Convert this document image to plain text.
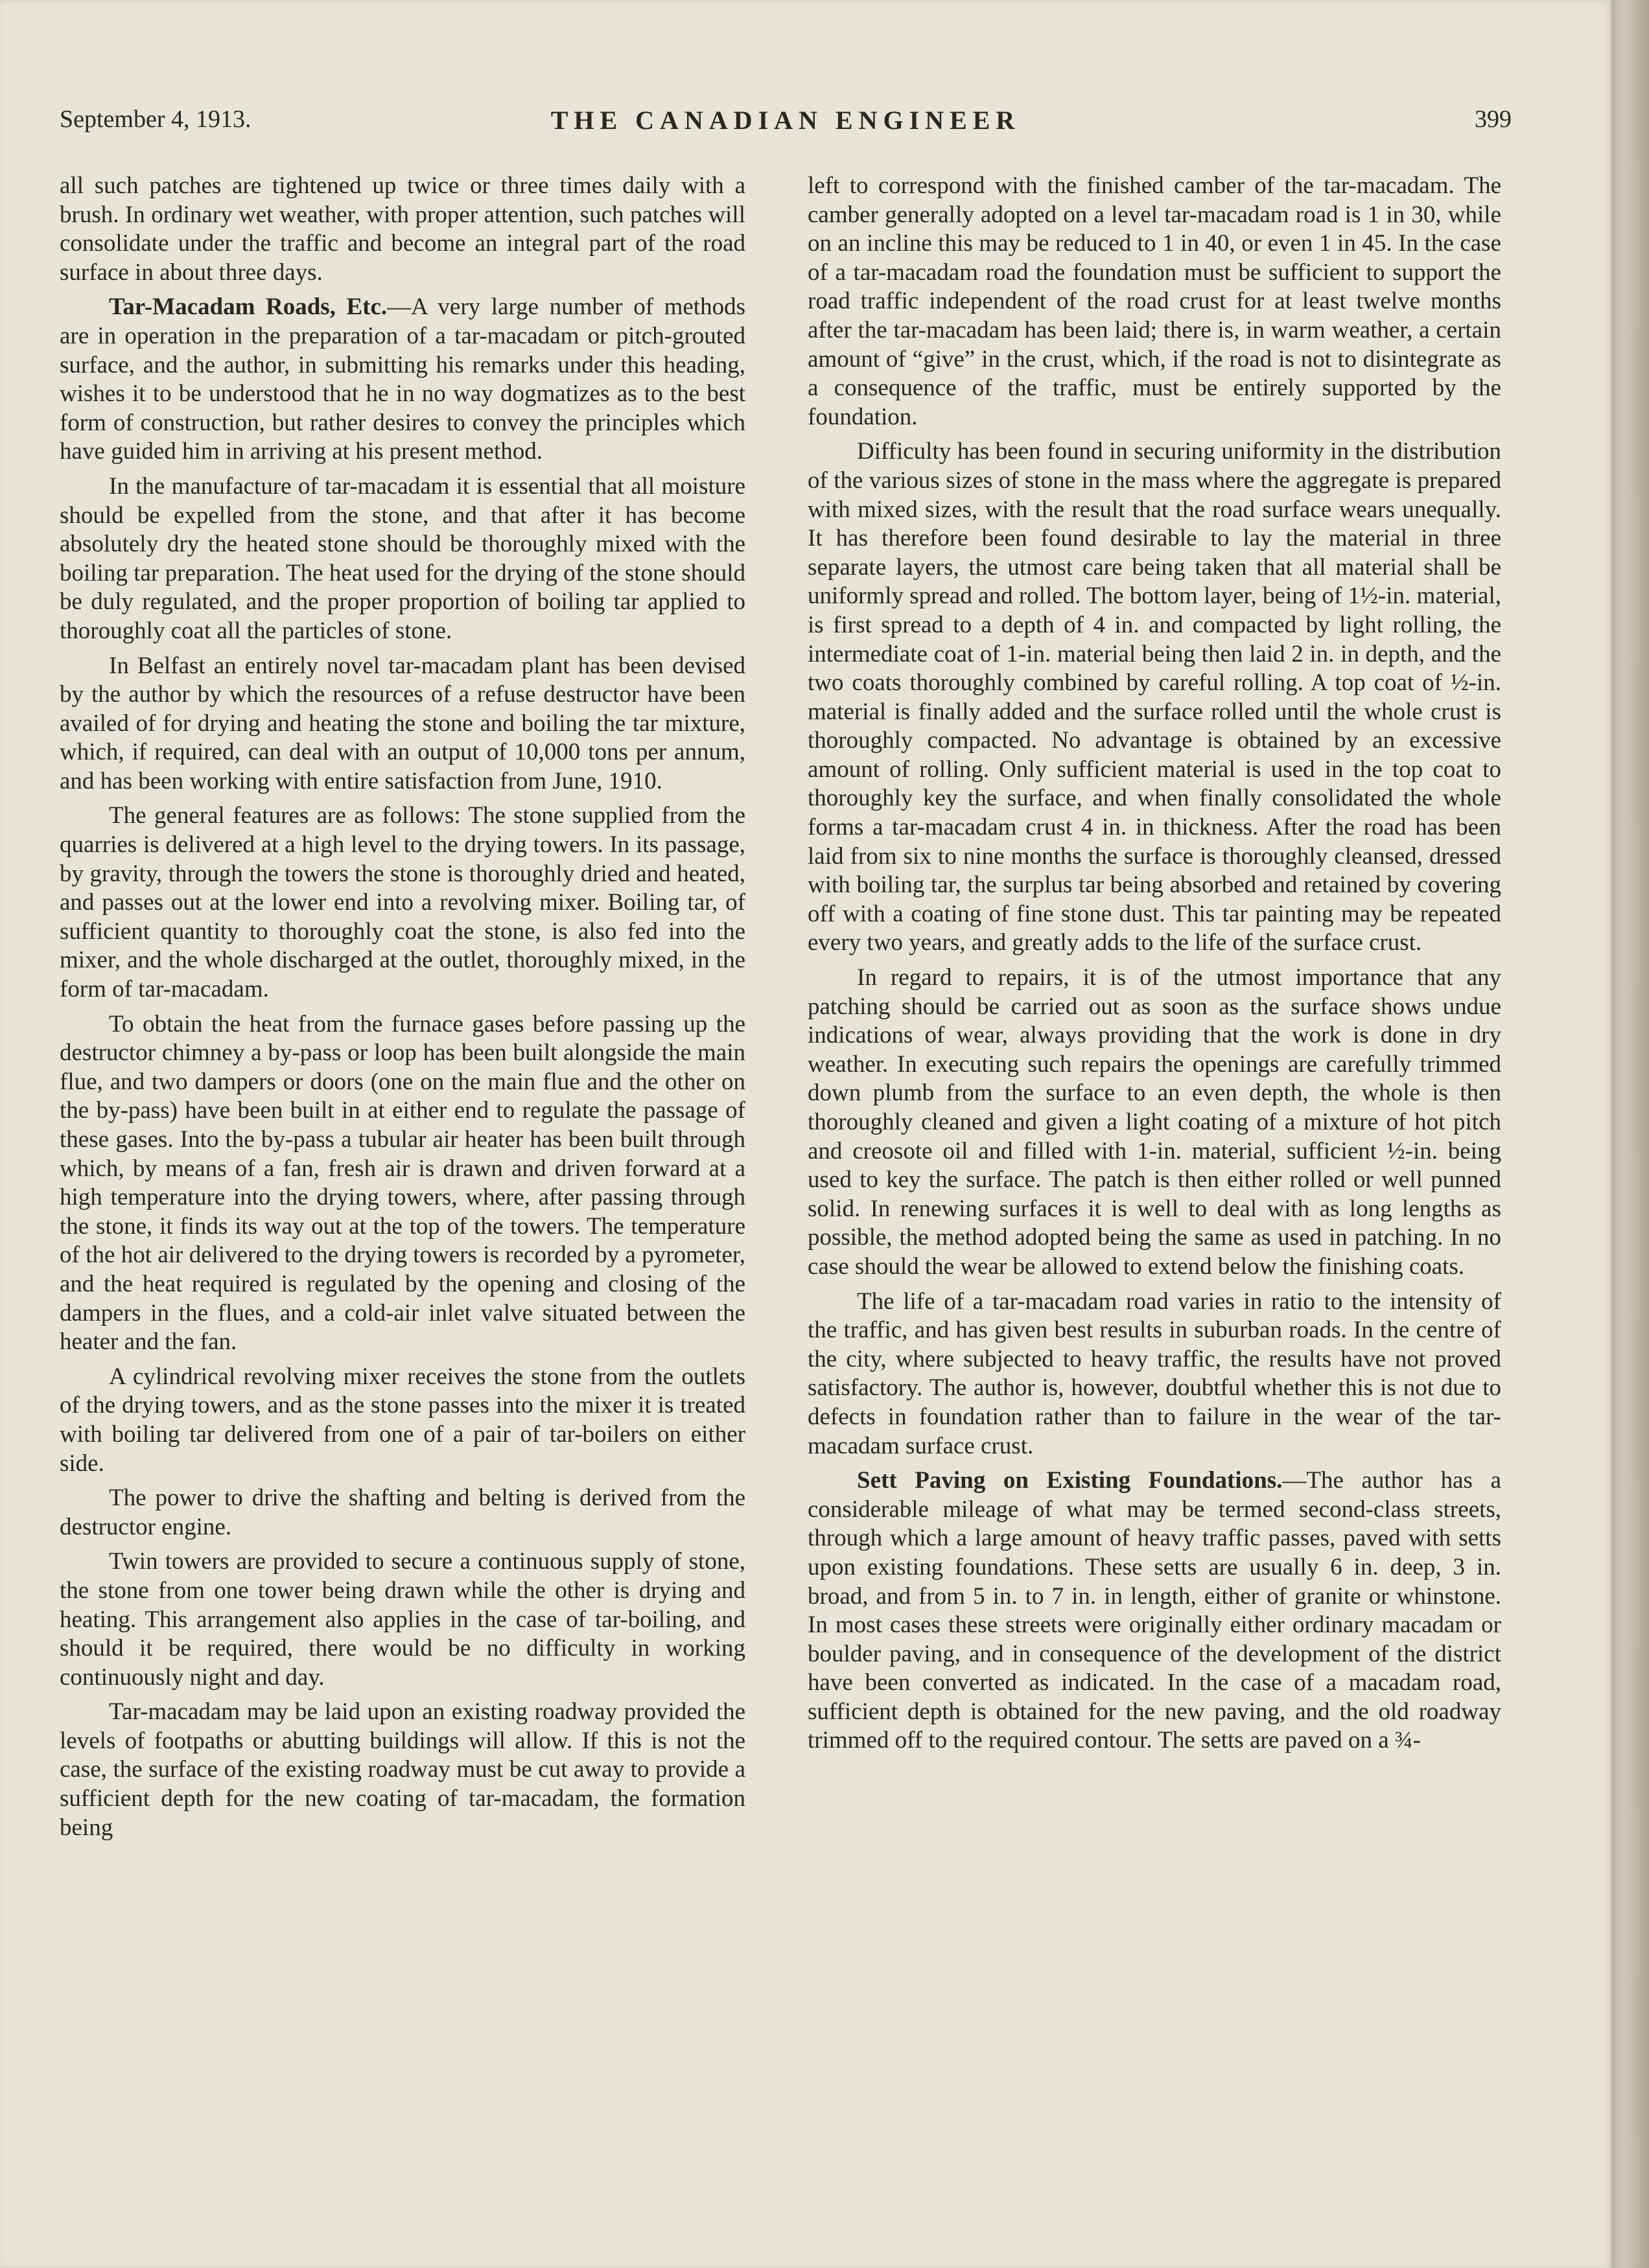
THE CANADIAN ENGINEER
September 4, 1913.	399

all such patches are tightened up twice or three times daily with a brush. In ordinary wet weather, with proper attention, such patches will consolidate under the traffic and become an integral part of the road surface in about three days.

Tar-Macadam Roads, Etc.—A very large number of methods are in operation in the preparation of a tar-macadam or pitch-grouted surface, and the author, in submitting his remarks under this heading, wishes it to be understood that he in no way dogmatizes as to the best form of construction, but rather desires to convey the principles which have guided him in arriving at his present method.

In the manufacture of tar-macadam it is essential that all moisture should be expelled from the stone, and that after it has become absolutely dry the heated stone should be thoroughly mixed with the boiling tar preparation. The heat used for the drying of the stone should be duly regulated, and the proper proportion of boiling tar applied to thoroughly coat all the particles of stone.

In Belfast an entirely novel tar-macadam plant has been devised by the author by which the resources of a refuse destructor have been availed of for drying and heating the stone and boiling the tar mixture, which, if required, can deal with an output of 10,000 tons per annum, and has been working with entire satisfaction from June, 1910.

The general features are as follows: The stone supplied from the quarries is delivered at a high level to the drying towers. In its passage, by gravity, through the towers the stone is thoroughly dried and heated, and passes out at the lower end into a revolving mixer. Boiling tar, of sufficient quantity to thoroughly coat the stone, is also fed into the mixer, and the whole discharged at the outlet, thoroughly mixed, in the form of tar-macadam.

To obtain the heat from the furnace gases before passing up the destructor chimney a by-pass or loop has been built alongside the main flue, and two dampers or doors (one on the main flue and the other on the by-pass) have been built in at either end to regulate the passage of these gases. Into the by-pass a tubular air heater has been built through which, by means of a fan, fresh air is drawn and driven forward at a high temperature into the drying towers, where, after passing through the stone, it finds its way out at the top of the towers. The temperature of the hot air delivered to the drying towers is recorded by a pyrometer, and the heat required is regulated by the opening and closing of the dampers in the flues, and a cold-air inlet valve situated between the heater and the fan.

A cylindrical revolving mixer receives the stone from the outlets of the drying towers, and as the stone passes into the mixer it is treated with boiling tar delivered from one of a pair of tar-boilers on either side.

The power to drive the shafting and belting is derived from the destructor engine.

Twin towers are provided to secure a continuous supply of stone, the stone from one tower being drawn while the other is drying and heating. This arrangement also applies in the case of tar-boiling, and should it be required, there would be no difficulty in working continuously night and day.

Tar-macadam may be laid upon an existing roadway provided the levels of footpaths or abutting buildings will allow. If this is not the case, the surface of the existing roadway must be cut away to provide a sufficient depth for the new coating of tar-macadam, the formation being

left to correspond with the finished camber of the tar-macadam. The camber generally adopted on a level tar-macadam road is 1 in 30, while on an incline this may be reduced to 1 in 40, or even 1 in 45. In the case of a tar-macadam road the foundation must be sufficient to support the road traffic independent of the road crust for at least twelve months after the tar-macadam has been laid; there is, in warm weather, a certain amount of “give” in the crust, which, if the road is not to disintegrate as a consequence of the traffic, must be entirely supported by the foundation.

Difficulty has been found in securing uniformity in the distribution of the various sizes of stone in the mass where the aggregate is prepared with mixed sizes, with the result that the road surface wears unequally. It has therefore been found desirable to lay the material in three separate layers, the utmost care being taken that all material shall be uniformly spread and rolled. The bottom layer, being of 1½-in. material, is first spread to a depth of 4 in. and compacted by light rolling, the intermediate coat of 1-in. material being then laid 2 in. in depth, and the two coats thoroughly combined by careful rolling. A top coat of ½-in. material is finally added and the surface rolled until the whole crust is thoroughly compacted. No advantage is obtained by an excessive amount of rolling. Only sufficient material is used in the top coat to thoroughly key the surface, and when finally consolidated the whole forms a tar-macadam crust 4 in. in thickness. After the road has been laid from six to nine months the surface is thoroughly cleansed, dressed with boiling tar, the surplus tar being absorbed and retained by covering off with a coating of fine stone dust. This tar painting may be repeated every two years, and greatly adds to the life of the surface crust.

In regard to repairs, it is of the utmost importance that any patching should be carried out as soon as the surface shows undue indications of wear, always providing that the work is done in dry weather. In executing such repairs the openings are carefully trimmed down plumb from the surface to an even depth, the whole is then thoroughly cleaned and given a light coating of a mixture of hot pitch and creosote oil and filled with 1-in. material, sufficient ½-in. being used to key the surface. The patch is then either rolled or well punned solid. In renewing surfaces it is well to deal with as long lengths as possible, the method adopted being the same as used in patching. In no case should the wear be allowed to extend below the finishing coats.

The life of a tar-macadam road varies in ratio to the intensity of the traffic, and has given best results in suburban roads. In the centre of the city, where subjected to heavy traffic, the results have not proved satisfactory. The author is, however, doubtful whether this is not due to defects in foundation rather than to failure in the wear of the tar-macadam surface crust.

Sett Paving on Existing Foundations.—The author has a considerable mileage of what may be termed second-class streets, through which a large amount of heavy traffic passes, paved with setts upon existing foundations. These setts are usually 6 in. deep, 3 in. broad, and from 5 in. to 7 in. in length, either of granite or whinstone. In most cases these streets were originally either ordinary macadam or boulder paving, and in consequence of the development of the district have been converted as indicated. In the case of a macadam road, sufficient depth is obtained for the new paving, and the old roadway trimmed off to the required contour. The setts are paved on a ¾-
